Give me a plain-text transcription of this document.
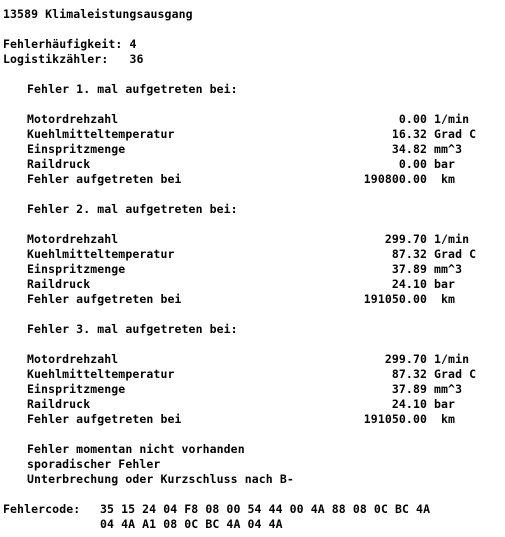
13589 Klimaleistungsausgang
Fehlerhäufigkeit: 4
Logistikzähler: 36
Fehler 1. mal aufgetreten bei:
Motordrehzahl	0.00 1/min
Kuehlmitteltemperatur	16.32 Grad C
Einspritzmenge	34.82 mm^3
Raildruck	0.00 bar
Fehler aufgetreten bei	190800.00 km
Fehler 2. mal aufgetreten bei:
Motordrehzahl	299.70 1/min
Kuehlmitteltemperatur	87.32 Grad C
Einspritzmenge	37.89 mm^3
Raildruck	24.10 bar
Fehler aufgetreten bei	191050.00 km
Fehler 3. mal aufgetreten bei:
Motordrehzahl	299.70 1/min
Kuehlmitteltemperatur	87.32 Grad C
Einspritzmenge	37.89 mm^3
Raildruck	24.10 bar
Fehler aufgetreten bei	191050.00 km
Fehler momentan nicht vorhanden
sporadischer Fehler
Unterbrechung oder Kurzschluss nach B-
Fehlercode: 35 15 24 04 F8 08 00 54 44 00 4A 88 08 0C BC 4A
04 4A A1 08 0C BC 4A 04 4A
